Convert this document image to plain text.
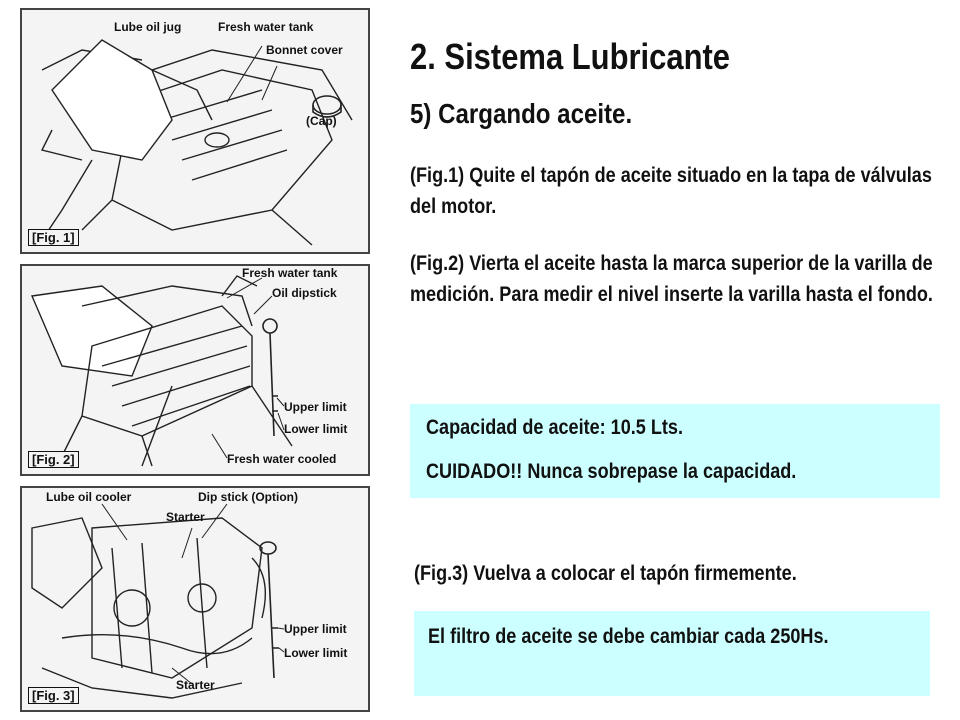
Lube oil jug	Fresh water tank
Bonnet cover
(Cap)
[Fig. 1]
Fresh water tank
Oil dipstick
Upper limit
Lower limit
Fresh water cooled
[Fig. 2]
Lube oil cooler	Dip stick (Option)
Starter
Upper limit
Lower limit
Starter
[Fig. 3]
2. Sistema Lubricante
5) Cargando aceite.
(Fig.1) Quite el tapón de aceite situado en la tapa de válvulas del motor.
(Fig.2) Vierta el aceite hasta la marca superior de la varilla de medición. Para medir el nivel inserte la varilla hasta el fondo.
Capacidad de aceite: 10.5 Lts.
CUIDADO!! Nunca sobrepase la capacidad.
(Fig.3) Vuelva a colocar el tapón firmemente.
El filtro de aceite se debe cambiar cada 250Hs.
